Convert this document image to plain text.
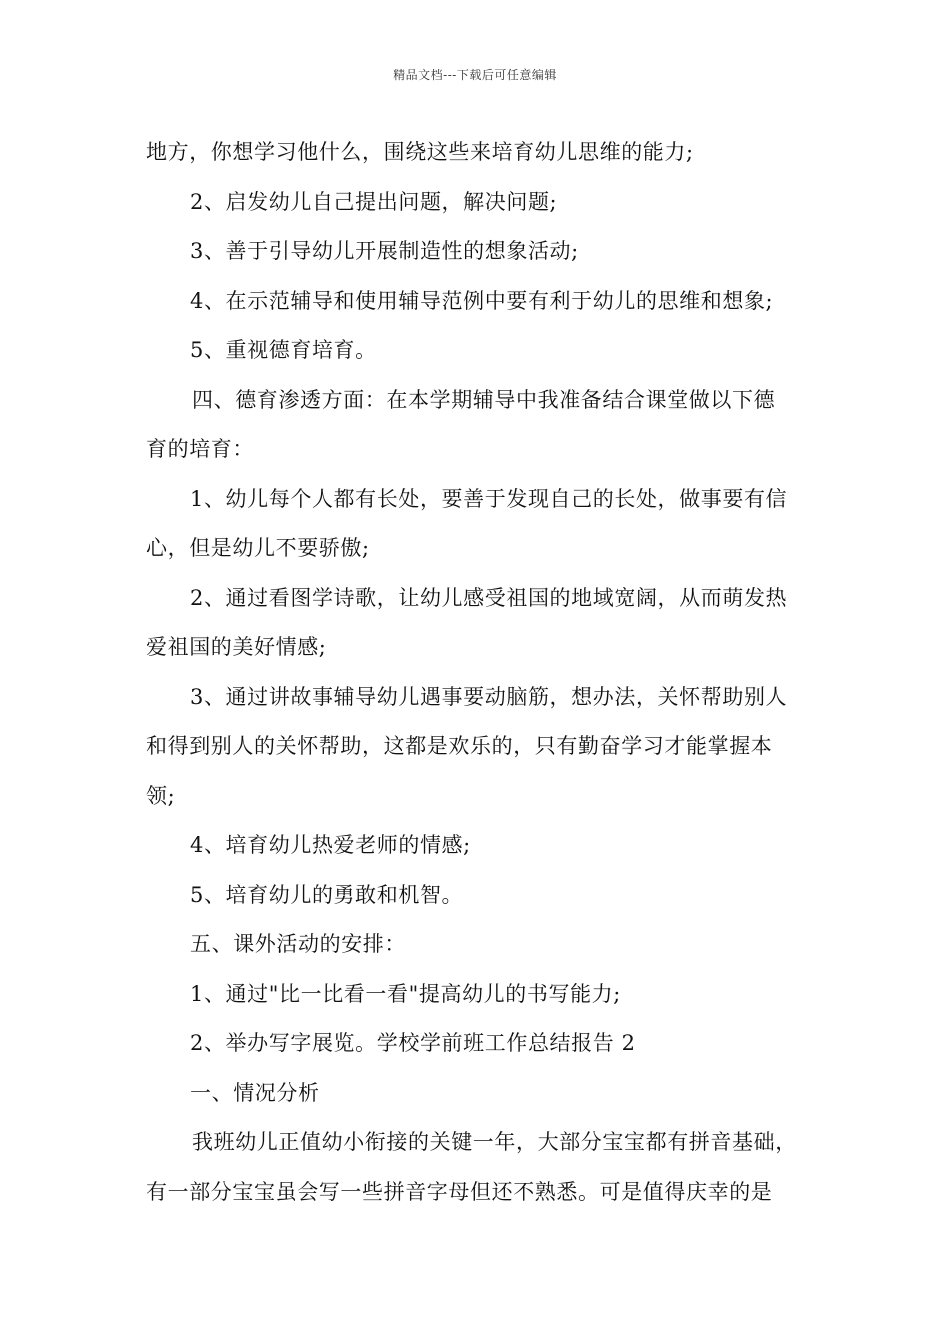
精品文档---下载后可任意编辑
地方，你想学习他什么，围绕这些来培育幼儿思维的能力;
2、启发幼儿自己提出问题，解决问题;
3、善于引导幼儿开展制造性的想象活动;
4、在示范辅导和使用辅导范例中要有利于幼儿的思维和想象;
5、重视德育培育。
四、德育渗透方面：在本学期辅导中我准备结合课堂做以下德
育的培育：
1、幼儿每个人都有长处，要善于发现自己的长处，做事要有信
心，但是幼儿不要骄傲;
2、通过看图学诗歌，让幼儿感受祖国的地域宽阔，从而萌发热
爱祖国的美好情感;
3、通过讲故事辅导幼儿遇事要动脑筋，想办法，关怀帮助别人
和得到别人的关怀帮助，这都是欢乐的，只有勤奋学习才能掌握本
领;
4、培育幼儿热爱老师的情感;
5、培育幼儿的勇敢和机智。
五、课外活动的安排：
1、通过"比一比看一看"提高幼儿的书写能力;
2、举办写字展览。学校学前班工作总结报告 2
一、情况分析
我班幼儿正值幼小衔接的关键一年，大部分宝宝都有拼音基础，
有一部分宝宝虽会写一些拼音字母但还不熟悉。可是值得庆幸的是
